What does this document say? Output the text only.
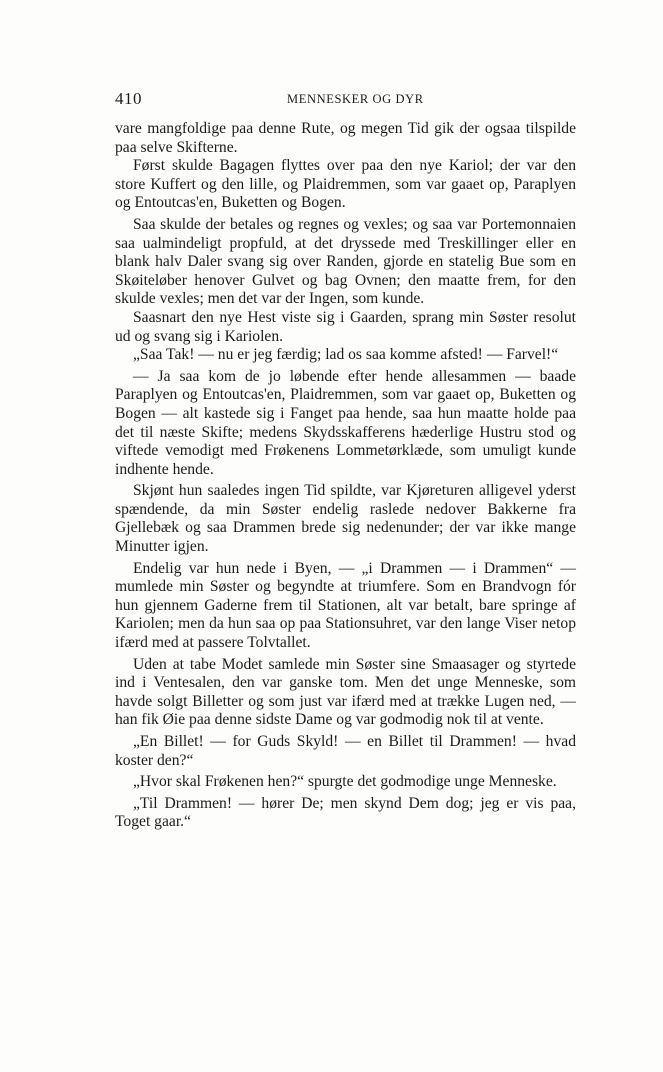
410	MENNESKER OG DYR

vare mangfoldige paa denne Rute, og megen Tid gik der ogsaa tilspilde paa selve Skifterne.

Først skulde Bagagen flyttes over paa den nye Kariol; der var den store Kuffert og den lille, og Plaidremmen, som var gaaet op, Paraplyen og Entoutcas'en, Buketten og Bogen.

Saa skulde der betales og regnes og vexles; og saa var Portemonnaien saa ualmindeligt propfuld, at det dryssede med Treskillinger eller en blank halv Daler svang sig over Randen, gjorde en statelig Bue som en Skøiteløber henover Gulvet og bag Ovnen; den maatte frem, for den skulde vexles; men det var der Ingen, som kunde.

Saasnart den nye Hest viste sig i Gaarden, sprang min Søster resolut ud og svang sig i Kariolen.

„Saa Tak! — nu er jeg færdig; lad os saa komme afsted! — Farvel!“

— Ja saa kom de jo løbende efter hende allesammen — baade Paraplyen og Entoutcas'en, Plaidremmen, som var gaaet op, Buketten og Bogen — alt kastede sig i Fanget paa hende, saa hun maatte holde paa det til næste Skifte; medens Skydsskafferens hæderlige Hustru stod og viftede vemodigt med Frøkenens Lommetørklæde, som umuligt kunde indhente hende.

Skjønt hun saaledes ingen Tid spildte, var Kjøreturen alligevel yderst spændende, da min Søster endelig raslede nedover Bakkerne fra Gjellebæk og saa Drammen brede sig nedenunder; der var ikke mange Minutter igjen.

Endelig var hun nede i Byen, — „i Drammen — i Drammen“ — mumlede min Søster og begyndte at triumfere. Som en Brandvogn fór hun gjennem Gaderne frem til Stationen, alt var betalt, bare springe af Kariolen; men da hun saa op paa Stationsuhret, var den lange Viser netop ifærd med at passere Tolvtallet.

Uden at tabe Modet samlede min Søster sine Smaasager og styrtede ind i Ventesalen, den var ganske tom. Men det unge Menneske, som havde solgt Billetter og som just var ifærd med at trække Lugen ned, — han fik Øie paa denne sidste Dame og var godmodig nok til at vente.

„En Billet! — for Guds Skyld! — en Billet til Drammen! — hvad koster den?“

„Hvor skal Frøkenen hen?“ spurgte det godmodige unge Menneske.

„Til Drammen! — hører De; men skynd Dem dog; jeg er vis paa, Toget gaar.“
